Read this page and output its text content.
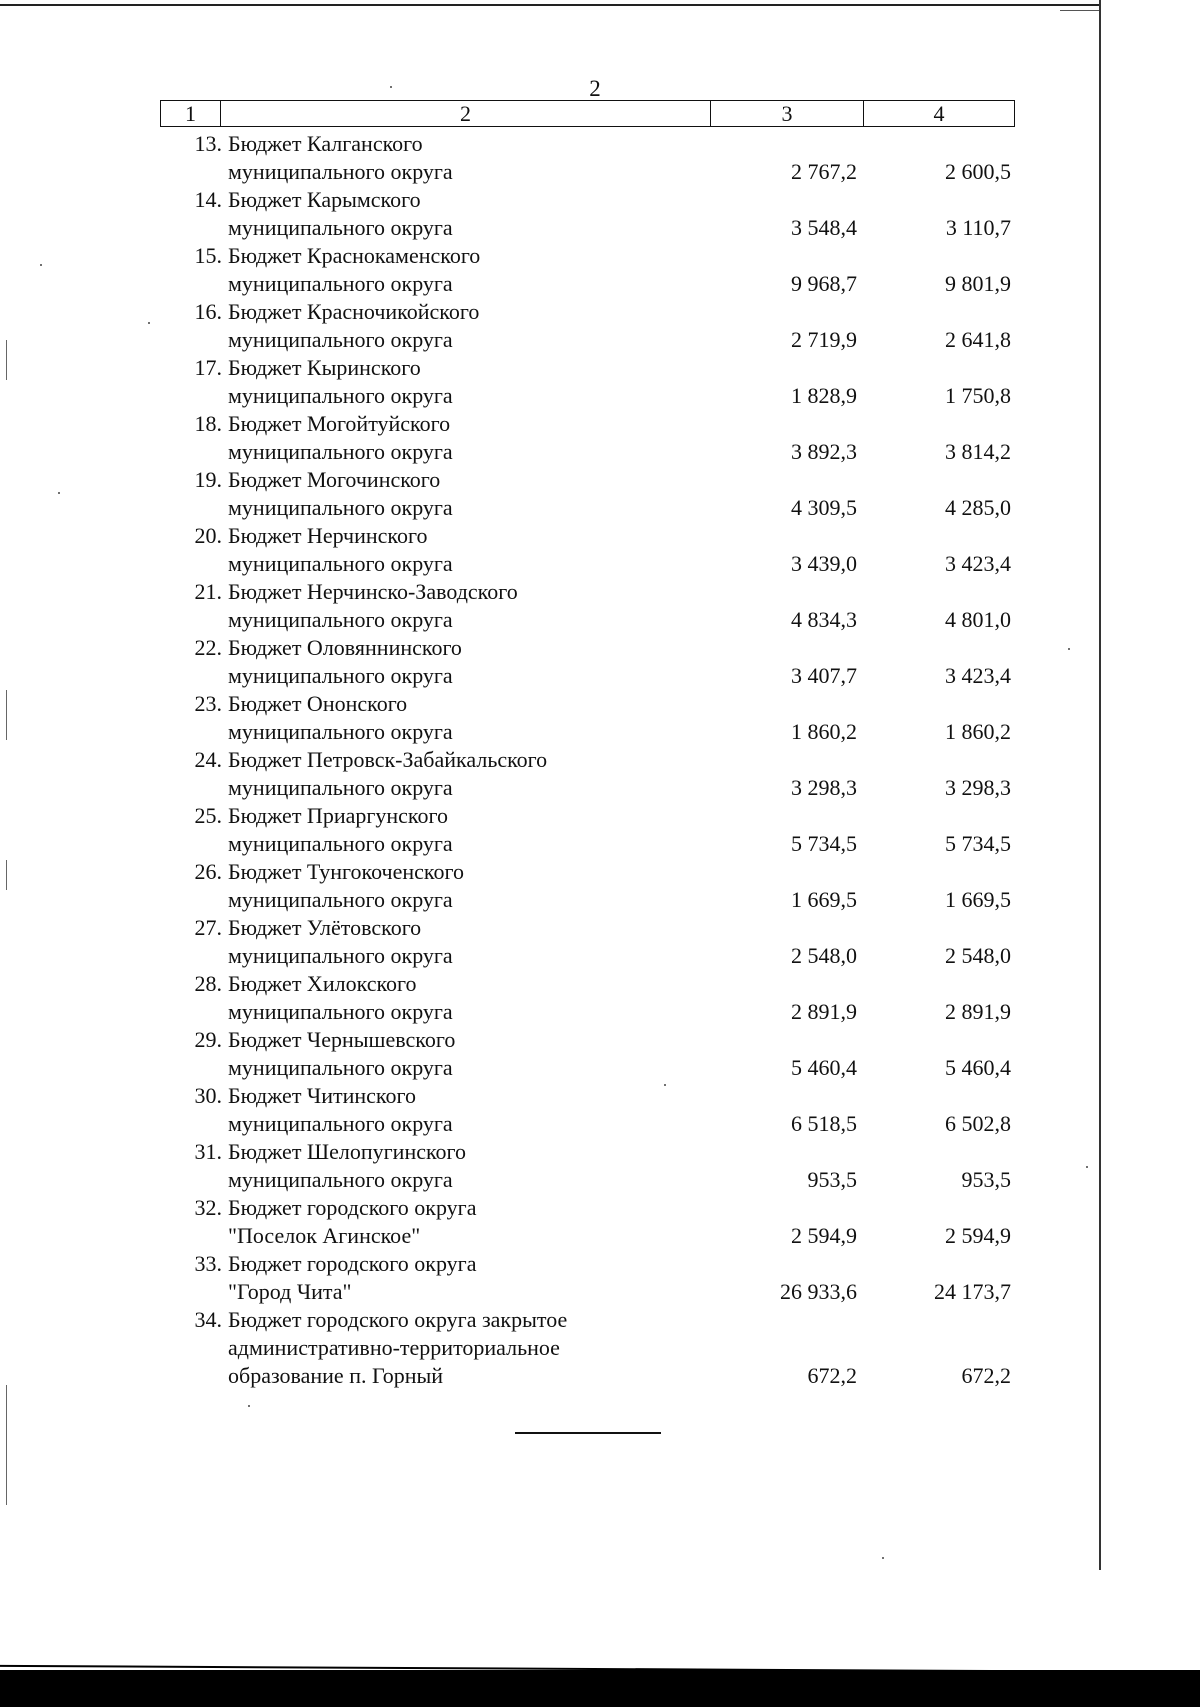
2
1	2	3	4
13. Бюджет Калганского
муниципального округа	2 767,2	2 600,5
14. Бюджет Карымского
муниципального округа	3 548,4	3 110,7
15. Бюджет Краснокаменского
муниципального округа	9 968,7	9 801,9
16. Бюджет Красночикойского
муниципального округа	2 719,9	2 641,8
17. Бюджет Кыринского
муниципального округа	1 828,9	1 750,8
18. Бюджет Могойтуйского
муниципального округа	3 892,3	3 814,2
19. Бюджет Могочинского
муниципального округа	4 309,5	4 285,0
20. Бюджет Нерчинского
муниципального округа	3 439,0	3 423,4
21. Бюджет Нерчинско-Заводского
муниципального округа	4 834,3	4 801,0
22. Бюджет Оловяннинского
муниципального округа	3 407,7	3 423,4
23. Бюджет Ононского
муниципального округа	1 860,2	1 860,2
24. Бюджет Петровск-Забайкальского
муниципального округа	3 298,3	3 298,3
25. Бюджет Приаргунского
муниципального округа	5 734,5	5 734,5
26. Бюджет Тунгокоченского
муниципального округа	1 669,5	1 669,5
27. Бюджет Улётовского
муниципального округа	2 548,0	2 548,0
28. Бюджет Хилокского
муниципального округа	2 891,9	2 891,9
29. Бюджет Чернышевского
муниципального округа	5 460,4	5 460,4
30. Бюджет Читинского
муниципального округа	6 518,5	6 502,8
31. Бюджет Шелопугинского
муниципального округа	953,5	953,5
32. Бюджет городского округа
"Поселок Агинское"	2 594,9	2 594,9
33. Бюджет городского округа
"Город Чита"	26 933,6	24 173,7
34. Бюджет городского округа закрытое
административно-территориальное
образование п. Горный	672,2	672,2
